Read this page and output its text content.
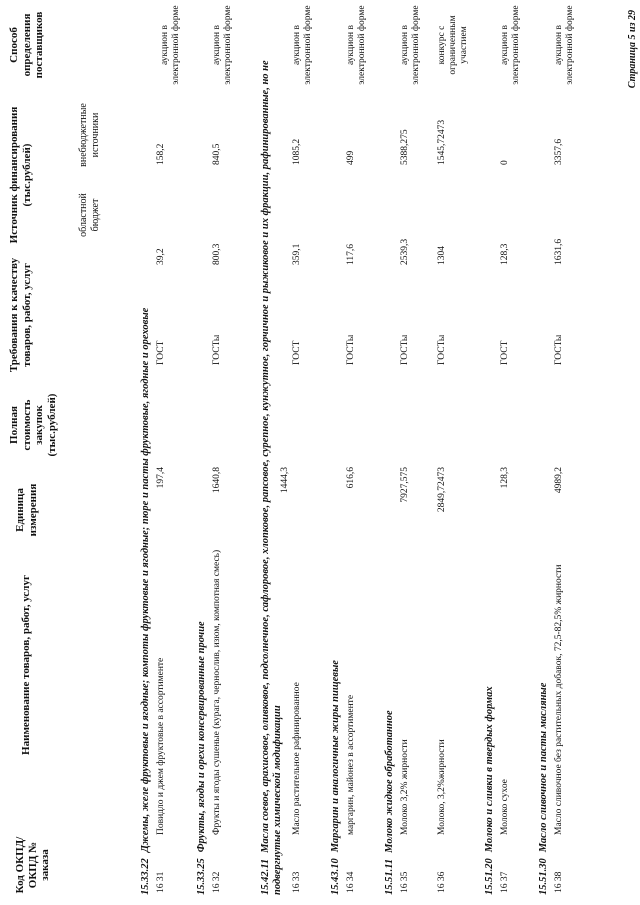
Код ОКПД/ ОКПД № заказа
Наименование товаров, работ, услуг
Единица измерения
Полная стоимость закупок (тыс.рублей)
Требования к качеству товаров, работ, услуг
Источник финансирования (тыс.рублей)
областной бюджет
внебюджетные источники
Способ определения поставщиков
15.33.22Джемы, желе фруктовые и ягодные; компоты фруктовые и ягодные; пюре и пасты фруктовые, ягодные и ореховые
16 31
Повидло и джем фруктовые в ассортименте
197,4
ГОСТ
39,2
158,2
аукцион в электронной форме
15.33.25Фрукты, ягоды и орехи консервированные прочие
16 32
Фрукты и ягоды сушеные (курага, чернослив, изюм, компотная смесь)
1640,8
ГОСТы
800,3
840,5
аукцион в электронной форме
15.42.11Масла соевое, арахисовое, оливковое, подсолнечное, сафлоровое, хлопковое, рапсовое, сурепное, кунжутное, горчичное и рыжиковое и их фракции, рафинированные, но не подвергнутые химической модификации 16 33
Масло растительное рафинированное
1444,3
ГОСТ
359,1
1085,2
аукцион в электронной форме
15.43.10Маргарин и аналогичные жиры пищевые
16 34
маргарин, майонез в ассортименте
616,6
ГОСТы
117,6
499
аукцион в электронной форме
15.51.11Молоко жидкое обработанное
16 35
Молоко 3,2% жирности
7927,575
ГОСТы
2539,3
5388,275
аукцион в электронной форме
16 36
Молоко, 3,2%жирности
2849,72473
ГОСТы
1304
1545,72473
конкурс с ограниченным участием
15.51.20Молоко и сливки в твердых формах
16 37
Молоко сухое
128,3
ГОСТ
128,3
0
аукцион в электронной форме
15.51.30Масло сливочное и пасты масляные
16 38
Масло сливочное без растительных добавок, 72,5-82,5% жирности
4989,2
ГОСТы
1631,6
3357,6
аукцион в электронной форме	Страница 5 из 29
